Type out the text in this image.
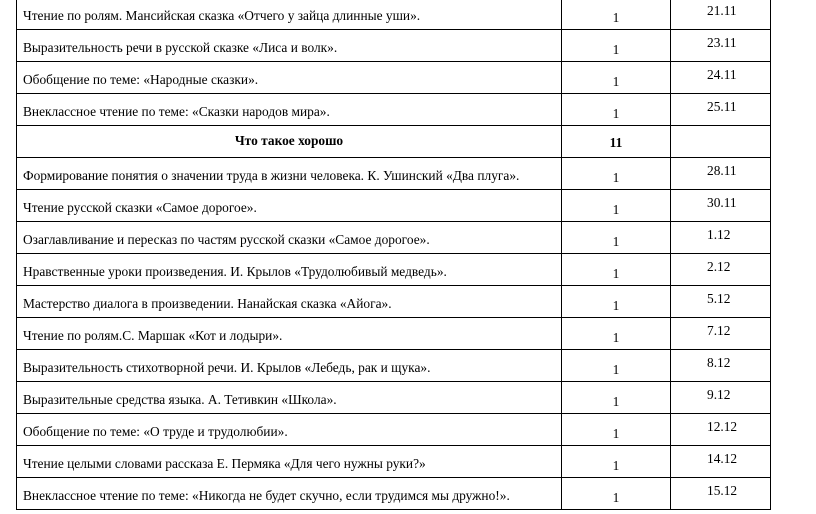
Чтение по ролям. Мансийская сказка «Отчего у зайца длинные уши».	1	21.11
Выразительность речи в русской сказке «Лиса и волк».	1	23.11
Обобщение по теме: «Народные сказки».	1	24.11
Внеклассное чтение по теме: «Сказки народов мира».	1	25.11
Что такое хорошо	11	
Формирование понятия о значении труда в жизни человека. К. Ушинский «Два плуга».	1	28.11
Чтение русской сказки «Самое дорогое».	1	30.11
Озаглавливание и пересказ по частям русской сказки «Самое дорогое».	1	1.12
Нравственные уроки произведения. И. Крылов «Трудолюбивый медведь».	1	2.12
Мастерство диалога в произведении. Нанайская сказка «Айога».	1	5.12
Чтение по ролям.С. Маршак «Кот и лодыри».	1	7.12
Выразительность стихотворной речи. И. Крылов «Лебедь, рак и щука».	1	8.12
Выразительные средства языка. А. Тетивкин «Школа».	1	9.12
Обобщение по теме: «О труде и трудолюбии».	1	12.12
Чтение целыми словами рассказа Е. Пермяка «Для чего нужны руки?»	1	14.12
Внеклассное чтение по теме: «Никогда не будет скучно, если трудимся мы дружно!».	1	15.12
